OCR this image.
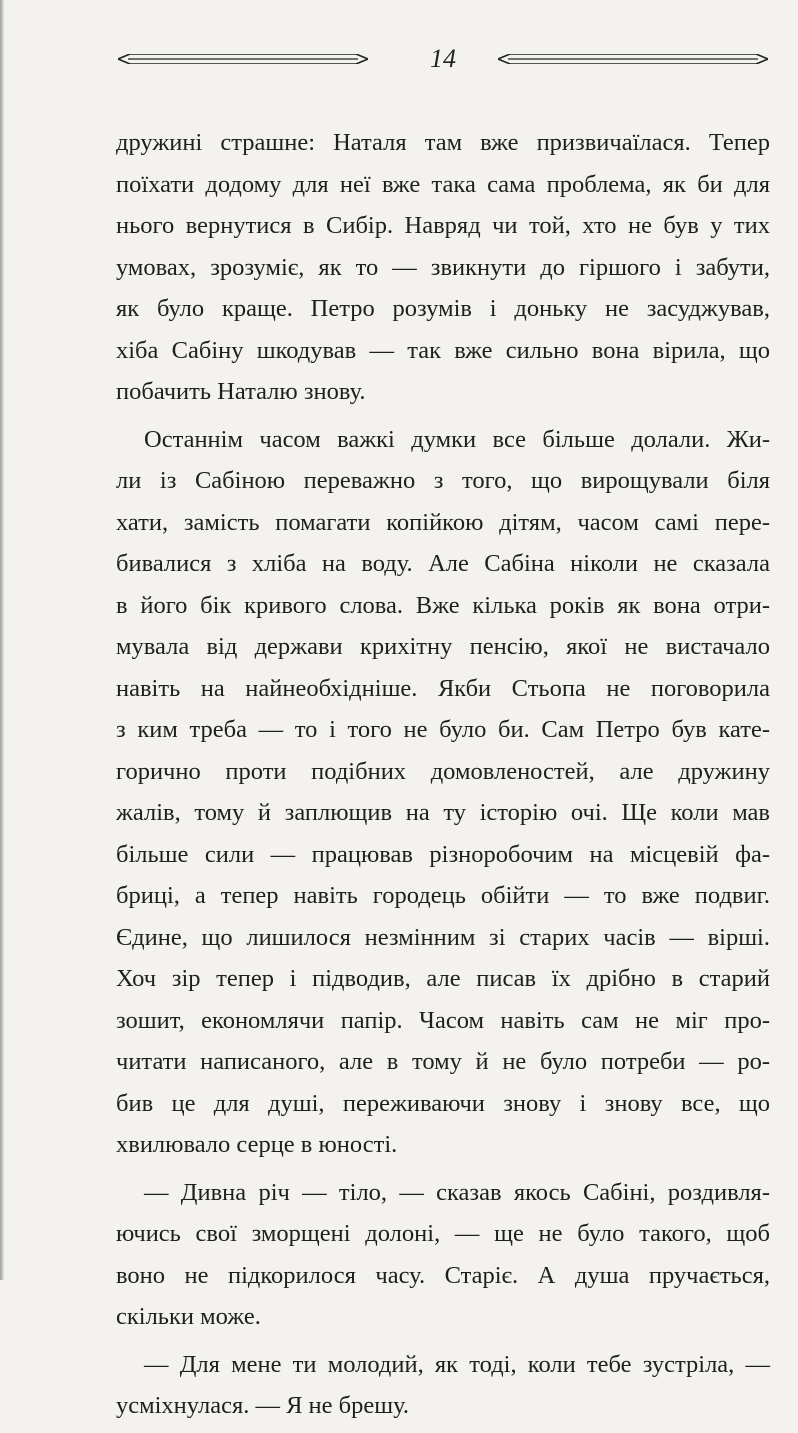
14

дружині страшне: Наталя там вже призвичаїлася. Тепер
поїхати додому для неї вже така сама проблема, як би для
нього вернутися в Сибір. Навряд чи той, хто не був у тих
умовах, зрозуміє, як то — звикнути до гіршого і забути,
як було краще. Петро розумів і доньку не засуджував,
хіба Сабіну шкодував — так вже сильно вона вірила, що
побачить Наталю знову.

Останнім часом важкі думки все більше долали. Жи-
ли із Сабіною переважно з того, що вирощували біля
хати, замість помагати копійкою дітям, часом самі пере-
бивалися з хліба на воду. Але Сабіна ніколи не сказала
в його бік кривого слова. Вже кілька років як вона отри-
мувала від держави крихітну пенсію, якої не вистачало
навіть на найнеобхідніше. Якби Стьопа не поговорила
з ким треба — то і того не було би. Сам Петро був кате-
горично проти подібних домовленостей, але дружину
жалів, тому й заплющив на ту історію очі. Ще коли мав
більше сили — працював різноробочим на місцевій фа-
бриці, а тепер навіть городець обійти — то вже подвиг.
Єдине, що лишилося незмінним зі старих часів — вірші.
Хоч зір тепер і підводив, але писав їх дрібно в старий
зошит, економлячи папір. Часом навіть сам не міг про-
читати написаного, але в тому й не було потреби — ро-
бив це для душі, переживаючи знову і знову все, що
хвилювало серце в юності.

— Дивна річ — тіло, — сказав якось Сабіні, роздивля-
ючись свої зморщені долоні, — ще не було такого, щоб
воно не підкорилося часу. Старіє. А душа пручається,
скільки може.

— Для мене ти молодий, як тоді, коли тебе зустріла, —
усміхнулася. — Я не брешу.
